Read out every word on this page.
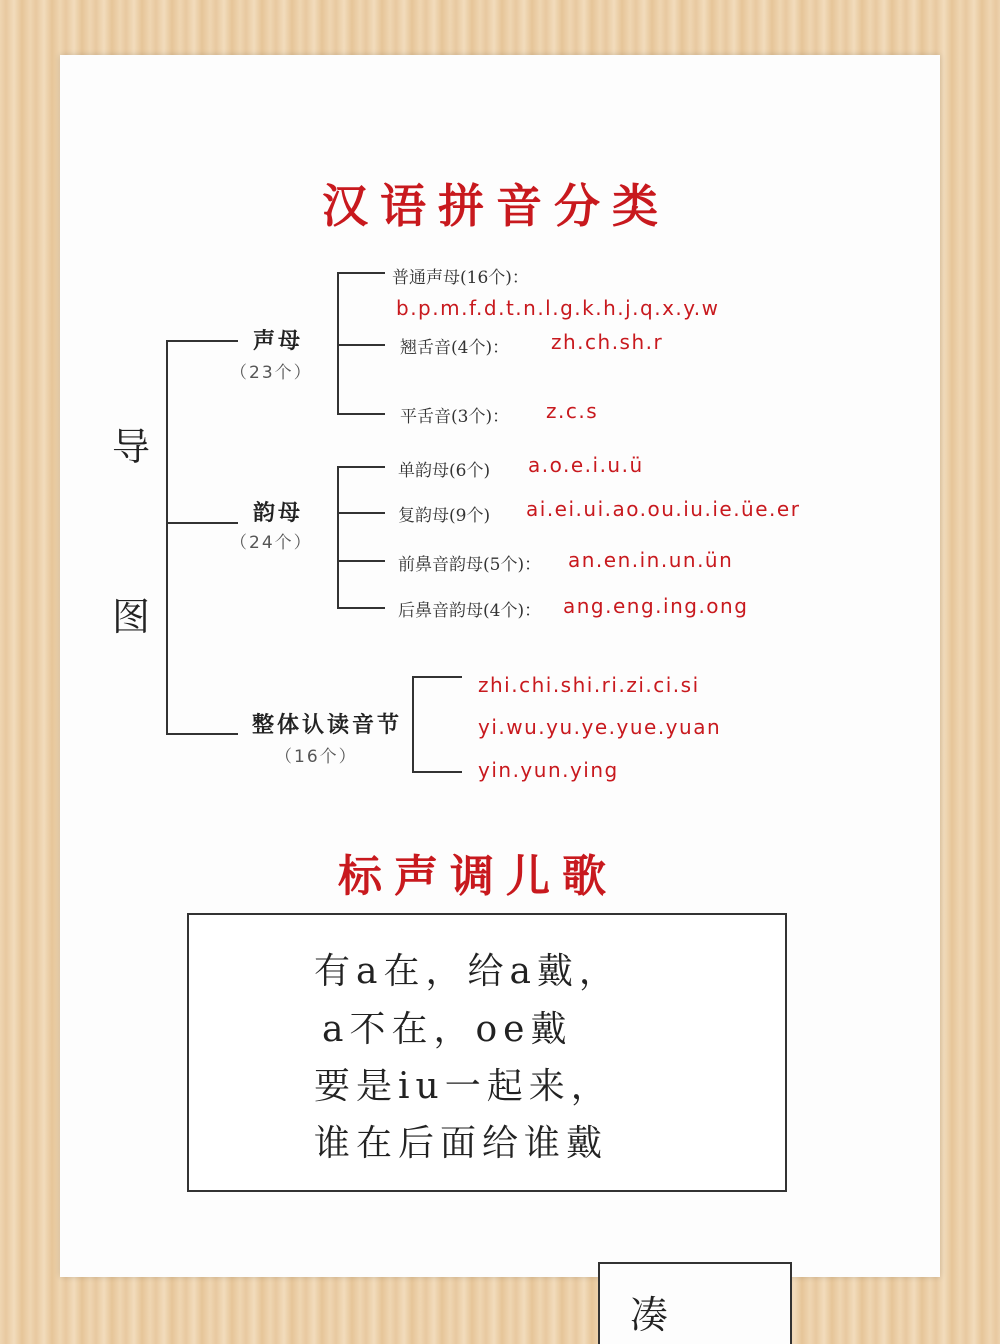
汉语拼音分类
导
图
声母
（23个）
普通声母(16个)：
b.p.m.f.d.t.n.l.g.k.h.j.q.x.y.w
翘舌音(4个)： zh.ch.sh.r
平舌音(3个)： z.c.s
韵母
（24个）
单韵母(6个) a.o.e.i.u.ü
复韵母(9个) ai.ei.ui.ao.ou.iu.ie.üe.er
前鼻音韵母(5个)： an.en.in.un.ün
后鼻音韵母(4个)： ang.eng.ing.ong
整体认读音节
（16个）
zhi.chi.shi.ri.zi.ci.si
yi.wu.yu.ye.yue.yuan
yin.yun.ying
标声调儿歌
有a在，给a戴，
a不在，oe戴
要是iu一起来，
谁在后面给谁戴
凑
